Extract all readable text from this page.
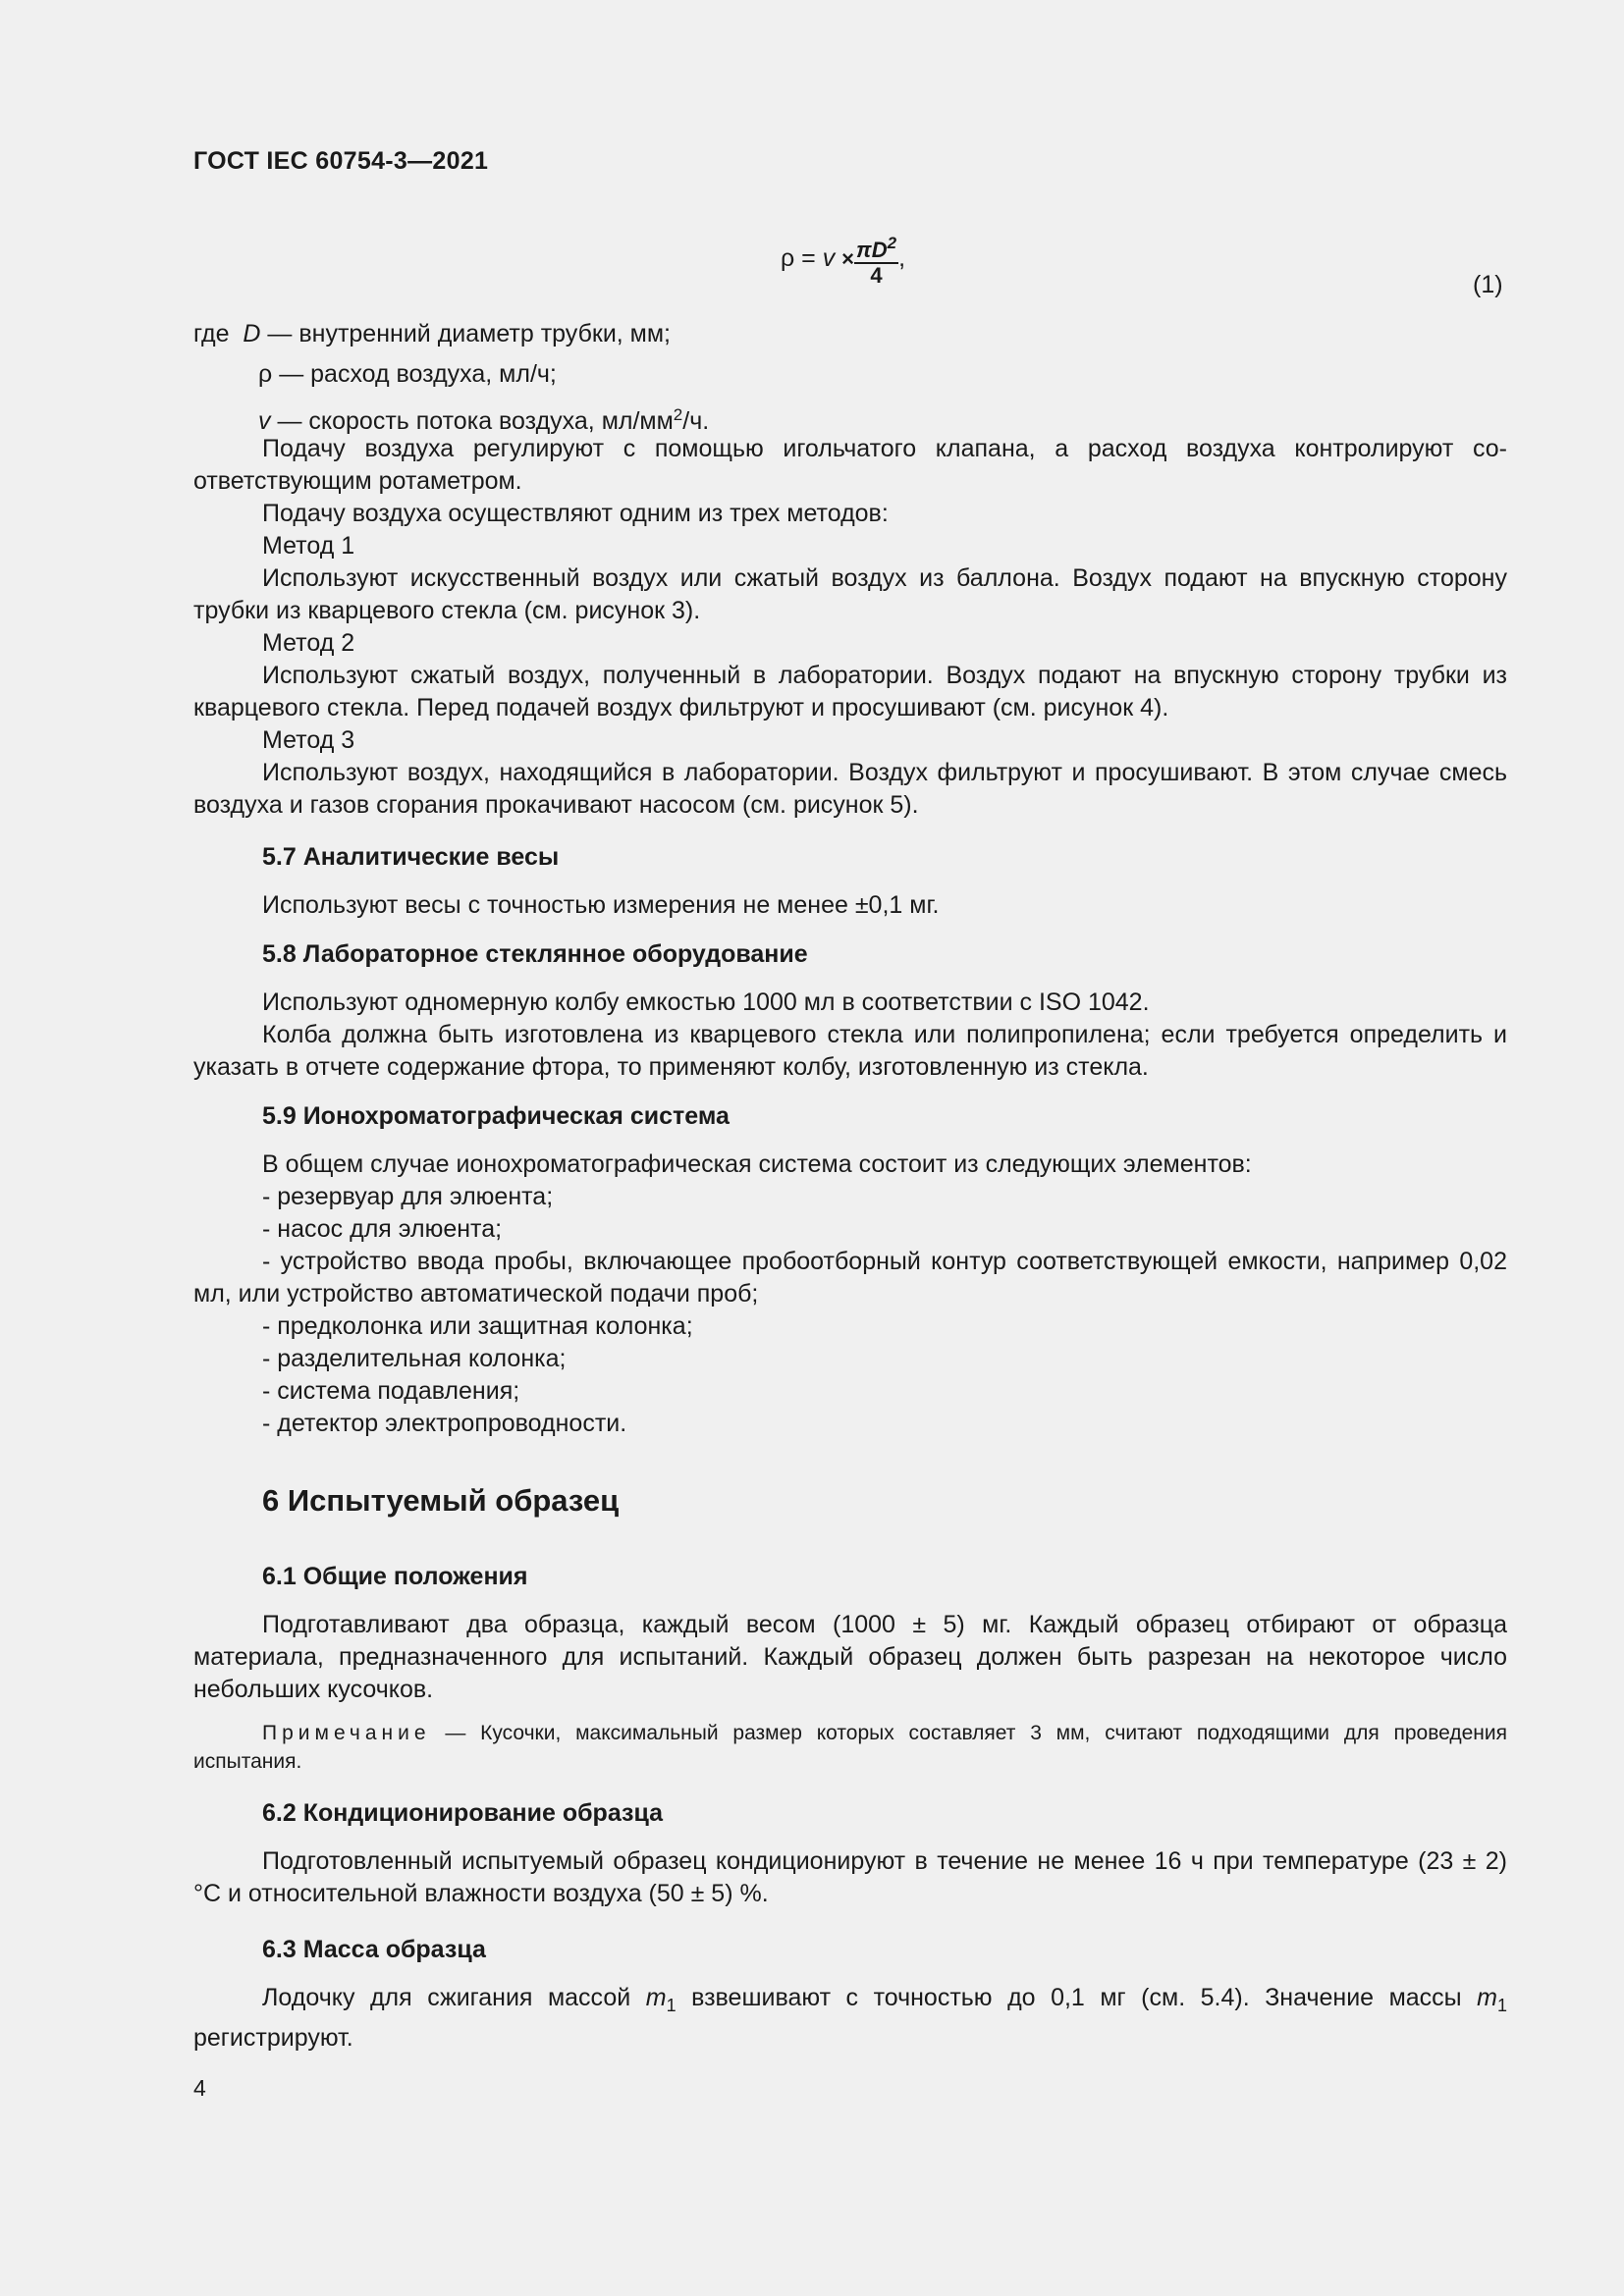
ГОСТ IEC 60754-3—2021
$\rho = v \times \frac{\pi D^2}{4}$ ,
(1)
где D — внутренний диаметр трубки, мм;
ρ — расход воздуха, мл/ч;
v — скорость потока воздуха, $мл/мм^2/ч$.

Подачу воздуха регулируют с помощью игольчатого клапана, а расход воздуха контролируют соответствующим ротаметром.

Подачу воздуха осуществляют одним из трех методов:

Метод 1

Используют искусственный воздух или сжатый воздух из баллона. Воздух подают на впускную сторону трубки из кварцевого стекла (см. рисунок 3).

Метод 2

Используют сжатый воздух, полученный в лаборатории. Воздух подают на впускную сторону трубки из кварцевого стекла. Перед подачей воздух фильтруют и просушивают (см. рисунок 4).

Метод 3

Используют воздух, находящийся в лаборатории. Воздух фильтруют и просушивают. В этом случае смесь воздуха и газов сгорания прокачивают насосом (см. рисунок 5).

5.7 Аналитические весы

Используют весы с точностью измерения не менее ±0,1 мг.

5.8 Лабораторное стеклянное оборудование

Используют одномерную колбу емкостью 1000 мл в соответствии с ISO 1042.

Колба должна быть изготовлена из кварцевого стекла или полипропилена; если требуется определить и указать в отчете содержание фтора, то применяют колбу, изготовленную из стекла.

5.9 Ионохроматографическая система

В общем случае ионохроматографическая система состоит из следующих элементов:

- резервуар для элюента;

- насос для элюента;

- устройство ввода пробы, включающее пробоотборный контур соответствующей емкости, например 0,02 мл, или устройство автоматической подачи проб;

- предколонка или защитная колонка;

- разделительная колонка;

- система подавления;

- детектор электропроводности.

6 Испытуемый образец

6.1 Общие положения

Подготавливают два образца, каждый весом (1000 ± 5) мг. Каждый образец отбирают от образца материала, предназначенного для испытаний. Каждый образец должен быть разрезан на некоторое число небольших кусочков.

Примечание — Кусочки, максимальный размер которых составляет 3 мм, считают подходящими для проведения испытания.

6.2 Кондиционирование образца

Подготовленный испытуемый образец кондиционируют в течение не менее 16 ч при температуре (23 ± 2) °С и относительной влажности воздуха (50 ± 5) %.

6.3 Масса образца

Лодочку для сжигания массой $m_1$ взвешивают с точностью до 0,1 мг (см. 5.4). Значение массы $m_1$ регистрируют.

4
